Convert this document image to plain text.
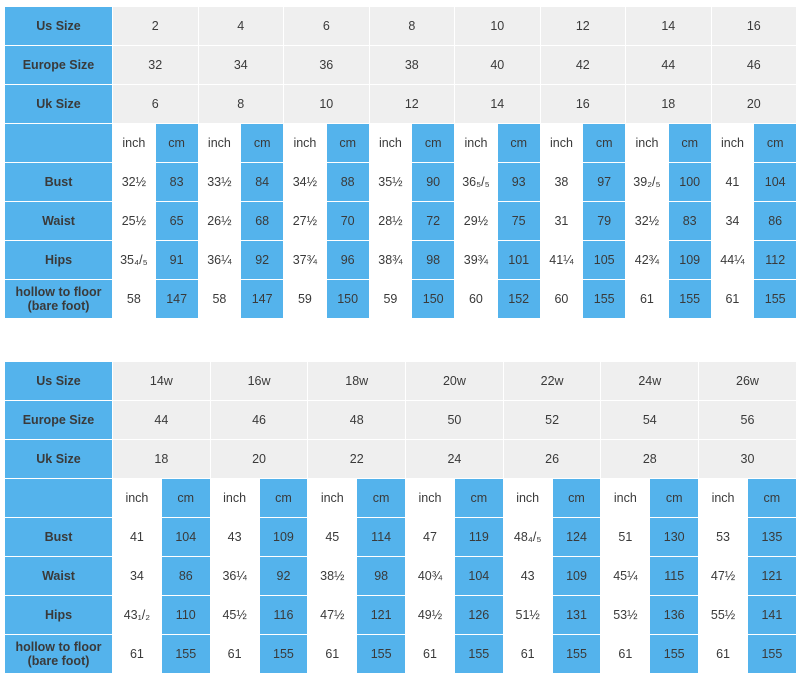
Us Size	2		4		6		8		10		12		14		16	
Europe Size	32		34		36		38		40		42		44		46	
Uk Size	6		8		10		12		14		16		18		20	
	inch	cm	inch	cm	inch	cm	inch	cm	inch	cm	inch	cm	inch	cm	inch	cm
Bust	32½	83	33½	84	34½	88	35½	90	36₅/₅	93	38	97	39₂/₅	100	41	104
Waist	25½	65	26½	68	27½	70	28½	72	29½	75	31	79	32½	83	34	86
Hips	35₄/₅	91	36¼	92	37¾	96	38¾	98	39¾	101	41¼	105	42¾	109	44¼	112

hollow to floor
(bare foot)	58	147	58	147	59	150	59	150	60	152	60	155	61	155	61	155
Us Size	14w		16w		18w		20w		22w		24w		26w	
Europe Size	44		46		48		50		52		54		56	
Uk Size	18		20		22		24		26		28		30	
	inch	cm	inch	cm	inch	cm	inch	cm	inch	cm	inch	cm	inch	cm
Bust	41	104	43	109	45	114	47	119	48₄/₅	124	51	130	53	135
Waist	34	86	36¼	92	38½	98	40¾	104	43	109	45¼	115	47½	121
Hips	43₁/₂	110	45½	116	47½	121	49½	126	51½	131	53½	136	55½	141

hollow to floor
(bare foot)	61	155	61	155	61	155	61	155	61	155	61	155	61	155
